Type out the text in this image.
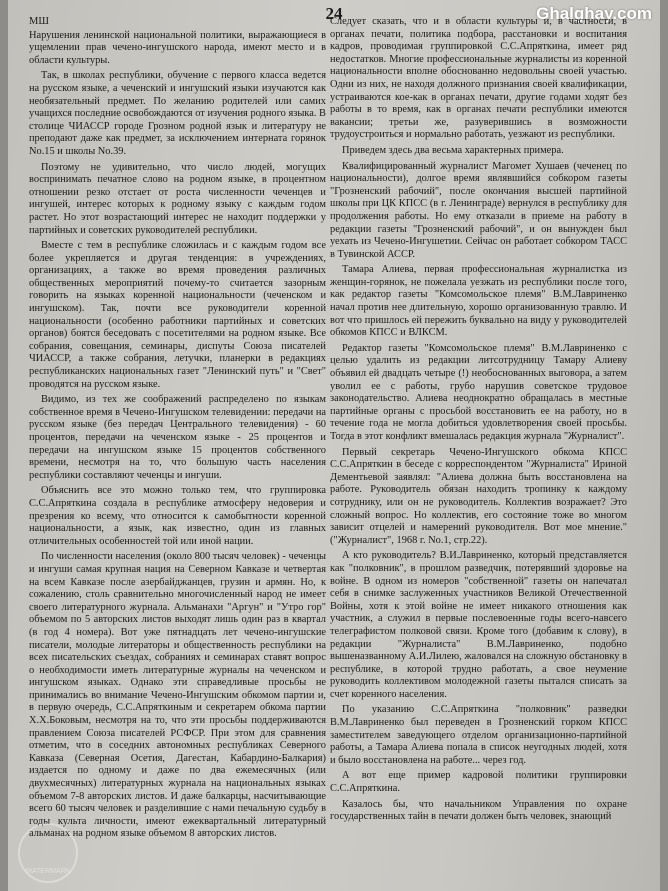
24	Ghalghay.com
МШ

Нарушения ленинской национальной политики, выражающиеся в ущемлении прав чечено-ингушского народа, имеют место и в области культуры.

Так, в школах республики, обучение с первого класса ведется на русском языке, а чеченский и ингушский языки изучаются как необязательный предмет. По желанию родителей или самих учащихся последние освобождаются от изучения родного языка. В столице ЧИАССР городе Грозном родной язык и литературу не преподают даже как предмет, за исключением интерната горянок No.15 и школы No.39.

Поэтому не удивительно, что число людей, могущих воспринимать печатное слово на родном языке, в процентном отношении резко отстает от роста численности чеченцев и ингушей, интерес которых к родному языку с каждым годом растет. Но этот возрастающий интерес не находит поддержки у партийных и советских руководителей республики.

Вместе с тем в республике сложилась и с каждым годом все более укрепляется и другая тенденция: в учреждениях, организациях, а также во время проведения различных общественных мероприятий почему-то считается зазорным говорить на языках коренной национальности (чеченском и ингушском). Так, почти все руководители коренной национальности (особенно работники партийных и советских органов) боятся беседовать с посетителями на родном языке. Все собрания, совещания, семинары, диспуты Союза писателей ЧИАССР, а также собрания, летучки, планерки в редакциях республиканских национальных газет "Ленинский путь" и "Свет" проводятся на русском языке.

Видимо, из тех же соображений распределено по языкам собственное время в Чечено-Ингушском телевидении: передачи на русском языке (без передач Центрального телевидения) - 60 процентов, передачи на чеченском языке - 25 процентов и передачи на ингушском языке 15 процентов собственного времени, несмотря на то, что большую часть населения республики составляют чеченцы и ингуши.

Объяснить все это можно только тем, что группировка С.С.Апряткина создала в республике атмосферу недоверия и презрения ко всему, что относится к самобытности коренной национальности, а язык, как известно, один из главных отличительных особенностей той или иной нации.

По численности населения (около 800 тысяч человек) - чеченцы и ингуши самая крупная нация на Северном Кавказе и четвертая на всем Кавказе после азербайджанцев, грузин и армян. Но, к сожалению, столь сравнительно многочисленный народ не имеет своего литературного журнала. Альманахи "Аргун" и "Утро гор" объемом по 5 авторских листов выходят лишь один раз в квартал (в год 4 номера). Вот уже пятнадцать лет чечено-ингушские писатели, молодые литераторы и общественность республики на всех писательских съездах, собраниях и семинарах ставят вопрос о необходимости иметь литературные журналы на чеченском и ингушском языках. Однако эти справедливые просьбы не принимались во внимание Чечено-Ингушским обкомом партии и, в первую очередь, С.С.Апряткиным и секретарем обкома партии Х.Х.Боковым, несмотря на то, что эти просьбы поддерживаются правлением Союза писателей РСФСР. При этом для сравнения отметим, что в соседних автономных республиках Северного Кавказа (Северная Осетия, Дагестан, Кабардино-Балкария) издается по одному и даже по два ежемесячных (или двухмесячных) литературных журнала на национальных языках объемом 7-8 авторских листов. И даже балкарцы, насчитывающие всего 60 тысяч человек и разделившие с нами печальную судьбу в годы культа личности, имеют ежеквартальный литературный альманах на родном языке объемом 8 авторских листов.

Следует сказать, что и в области культуры и, в частности, в органах печати, политика подбора, расстановки и воспитания кадров, проводимая группировкой С.С.Апряткина, имеет ряд недостатков. Многие профессиональные журналисты из коренной национальности вполне обоснованно недовольны своей участью. Одни из них, не находя должного признания своей квалификации, устраиваются кое-как в органах печати, другие годами ходят без работы в то время, как в органах печати республики имеются вакансии; третьи же, разуверившись в возможности трудоустроиться и нормально работать, уезжают из республики.

Приведем здесь два весьма характерных примера.

Квалифицированный журналист Магомет Хушаев (чеченец по национальности), долгое время являвшийся собкором газеты "Грозненский рабочий", после окончания высшей партийной школы при ЦК КПСС (в г. Ленинграде) вернулся в республику для продолжения работы. Но ему отказали в приеме на работу в редакции газеты "Грозненский рабочий", и он вынужден был уехать из Чечено-Ингушетии. Сейчас он работает собкором ТАСС в Тувинской АССР.

Тамара Алиева, первая профессиональная журналистка из женщин-горянок, не пожелала уезжать из республики после того, как редактор газеты "Комсомольское племя" В.М.Лавриненко начал против нее длительную, хорошо организованную травлю. И вот что пришлось ей пережить буквально на виду у руководителей обкомов КПСС и ВЛКСМ.

Редактор газеты "Комсомольское племя" В.М.Лавриненко с целью удалить из редакции литсотрудницу Тамару Алиеву объявил ей двадцать четыре (!) необоснованных выговора, а затем уволил ее с работы, грубо нарушив советское трудовое законодательство. Алиева неоднократно обращалась в местные партийные органы с просьбой восстановить ее на работу, но в течение года не могла добиться удовлетворения своей просьбы. Тогда в этот конфликт вмешалась редакция журнала "Журналист".

Первый секретарь Чечено-Ингушского обкома КПСС С.С.Апряткин в беседе с корреспондентом "Журналиста" Ириной Дементьевой заявлял: "Алиева должна быть восстановлена на работе. Руководитель обязан находить тропинку к каждому сотруднику, или он не руководитель. Коллектив возражает? Это сложный вопрос. Но коллектив, его состояние тоже во многом зависит отцелей и намерений руководителя. Вот мое мнение." ("Журналист", 1968 г. No.1, стр.22).

А кто руководитель? В.И.Лавриненко, который представляется как "полковник", в прошлом разведчик, потерявший здоровье на войне. В одном из номеров "собственной" газеты он напечатал себя в снимке заслуженных участников Великой Отечественной Войны, хотя к этой войне не имеет никакого отношения как участник, а служил в первые послевоенные годы всего-навсего телеграфистом полковой связи. Кроме того (добавим к слову), в редакции "Журналиста" В.М.Лавриненко, подобно вышеназванному А.И.Лилею, жаловался на сложную обстановку в республике, в которой трудно работать, а свое неумение руководить коллективом молодежной газеты пытался списать за счет коренного населения.

По указанию С.С.Апряткина "полковник" разведки В.М.Лавриненко был переведен в Грозненский горком КПСС заместителем заведующего отделом организационно-партийной работы, а Тамара Алиева попала в список неугодных людей, хотя и было восстановлена на работе... через год.

А вот еще пример кадровой политики группировки С.С.Апряткина.

Казалось бы, что начальником Управления по охране государственных тайн в печати должен быть человек, знающий

WATERMARK
